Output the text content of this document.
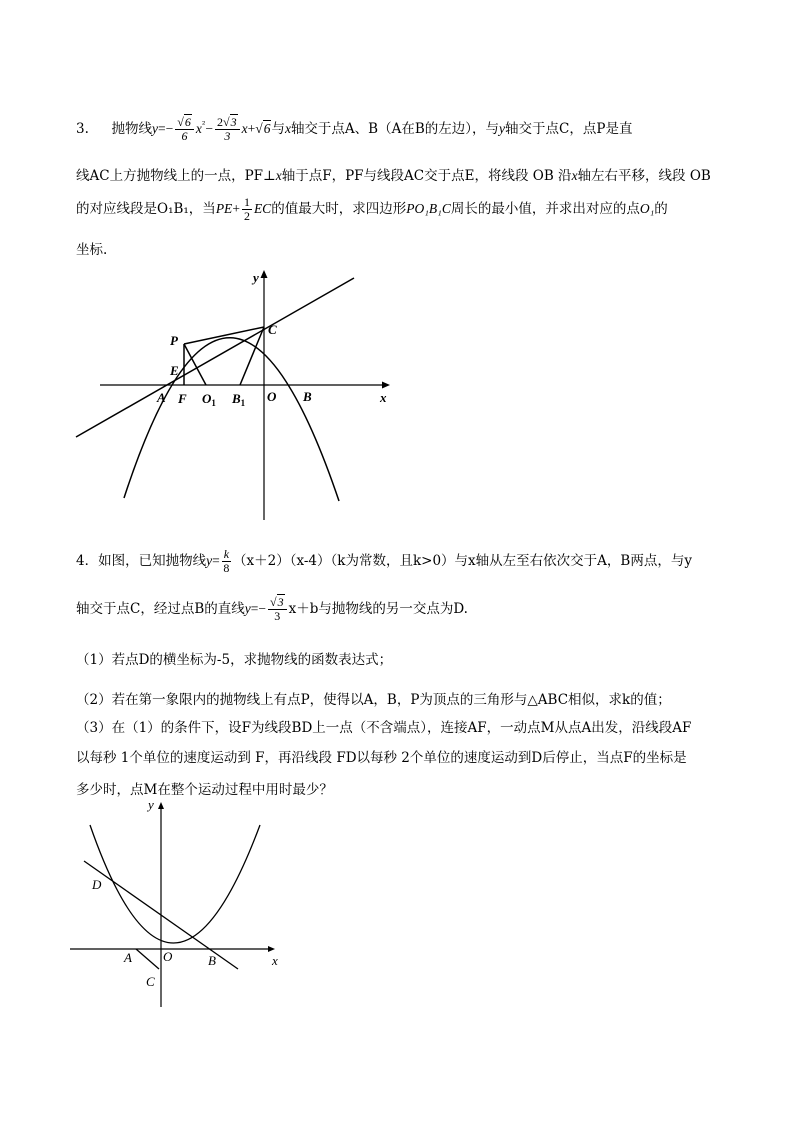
3. 抛物线$y=- \frac{√6}{6} x^{^2}- \frac{2√3}{3} x+√6$与x轴交于点A、B（A在B的左边），与y轴交于点C，点P是直
线AC上方抛物线上的一点，PF⊥x轴于点F，PF与线段AC交于点E，将线段 OB 沿x轴左右平移，线段 OB
的对应线段是O₁B₁，当$PE+ \frac{1}{2}$ EC的值最大时，求四边形PO₁B₁C周长的最小值，并求出对应的点O₁的
坐标.
y
x
P
C
E
A F $O_1$ $B_1$ O B
4．如图，已知抛物线$y= \frac{k}{8} (x+2)(x-4)(k$为常数，且k>0）与x轴从左至右依次交于A，B两点，与y
轴交于点C，经过点B的直线$y=- \frac{√3}{3} x+b$与抛物线的另一交点为D.
（1）若点D的横坐标为-5，求抛物线的函数表达式；
（2）若在第一象限内的抛物线上有点P，使得以A，B，P为顶点的三角形与△ABC相似，求k的值；
（3）在（1）的条件下，设F为线段BD上一点（不含端点），连接AF，一动点M从点A出发，沿线段AF
以每秒 1个单位的速度运动到 F，再沿线段 FD以每秒 2个单位的速度运动到D后停止，当点F的坐标是
多少时，点M在整个运动过程中用时最少？
y
x
D
A O	B
C
